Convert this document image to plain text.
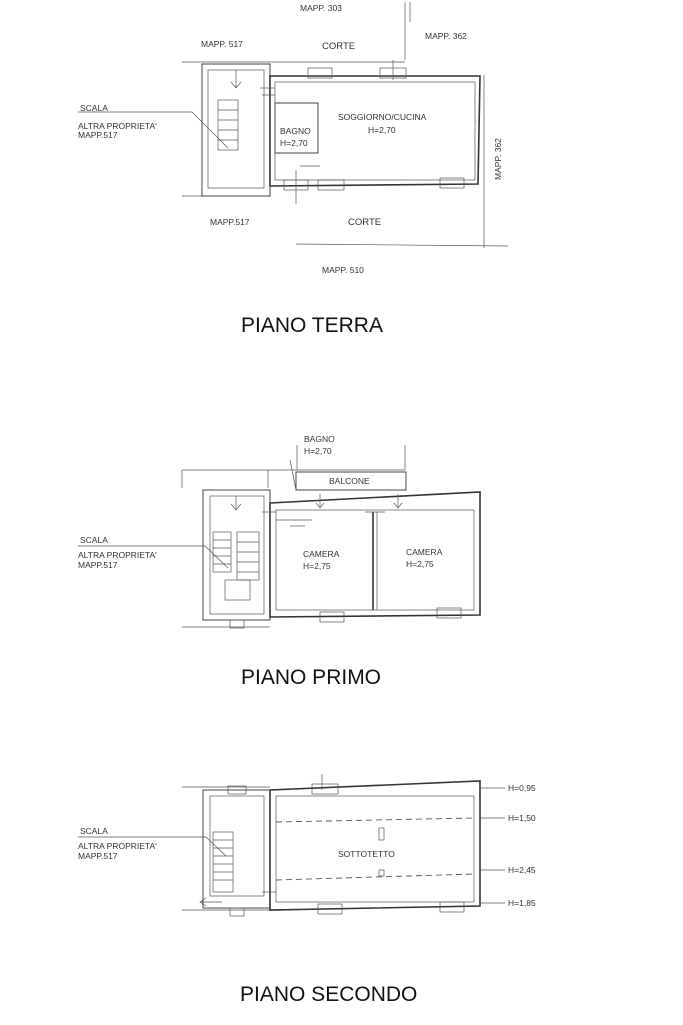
MAPP. 303
MAPP. 517	CORTE
MAPP. 362
SCALA
ALTRA PROPRIETA'
MAPP.517	BAGNO
H=2,70
SOGGIORNO/CUCINA
H=2,70
MAPP. 362
MAPP.517	CORTE
MAPP. 510
PIANO TERRA
BAGNO
H=2,70
BALCONE
SCALA
ALTRA PROPRIETA'
MAPP.517
CAMERA
H=2,75
CAMERA
H=2,75
PIANO PRIMO
SCALA
ALTRA PROPRIETA'
MAPP.517	SOTTOTETTO
H=0,95
H=1,50
H=2,45
H=1,85
PIANO SECONDO
